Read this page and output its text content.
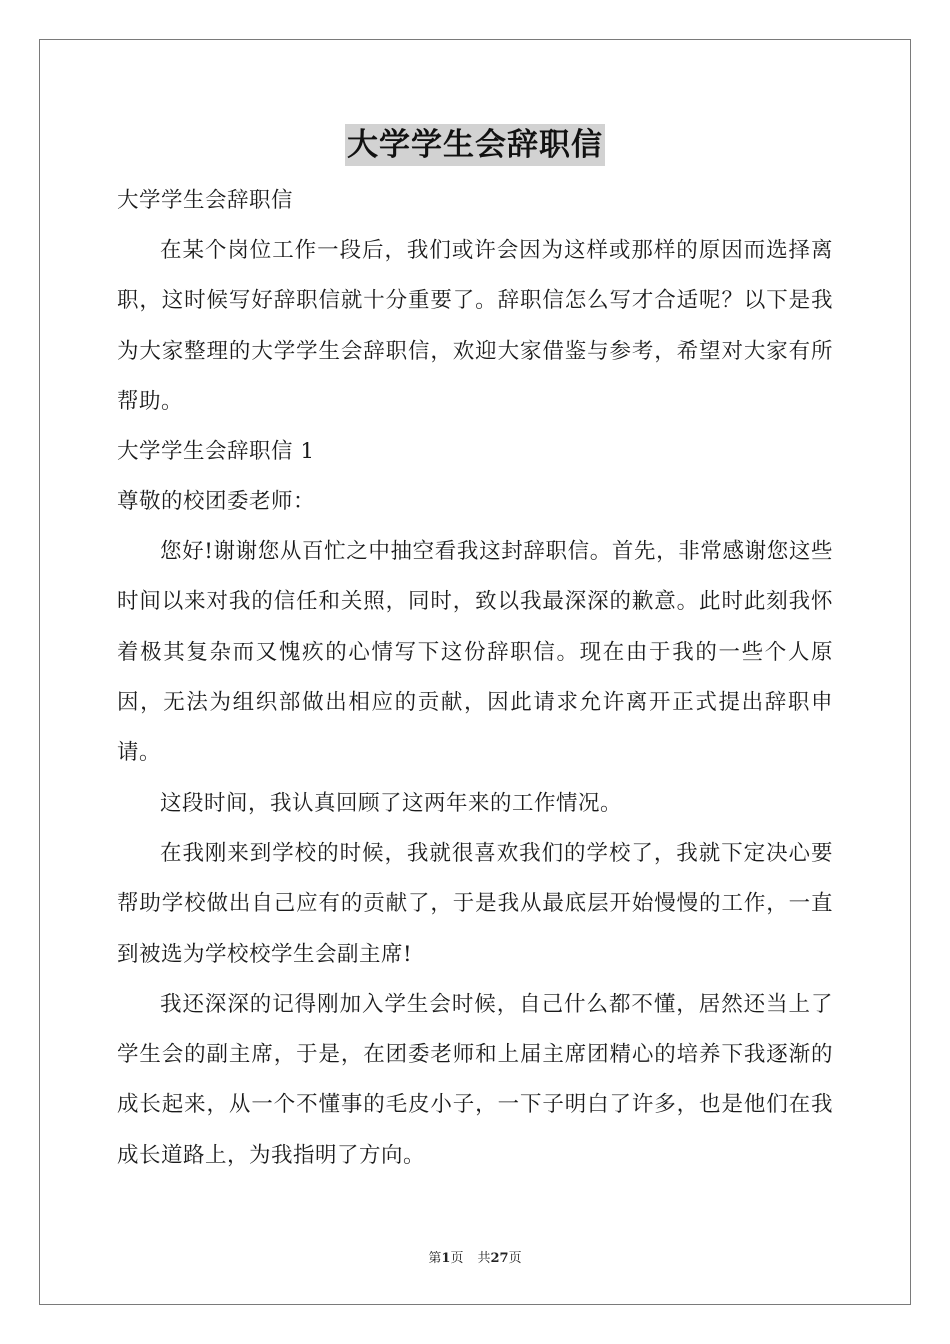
大学学生会辞职信
大学学生会辞职信

在某个岗位工作一段后，我们或许会因为这样或那样的原因而选择离职，这时候写好辞职信就十分重要了。辞职信怎么写才合适呢？以下是我为大家整理的大学学生会辞职信，欢迎大家借鉴与参考，希望对大家有所帮助。

大学学生会辞职信 1
尊敬的校团委老师：

您好!谢谢您从百忙之中抽空看我这封辞职信。首先，非常感谢您这些时间以来对我的信任和关照，同时，致以我最深深的歉意。此时此刻我怀着极其复杂而又愧疚的心情写下这份辞职信。现在由于我的一些个人原因，无法为组织部做出相应的贡献，因此请求允许离开正式提出辞职申请。

这段时间，我认真回顾了这两年来的工作情况。

在我刚来到学校的时候，我就很喜欢我们的学校了，我就下定决心要帮助学校做出自己应有的贡献了，于是我从最底层开始慢慢的工作，一直到被选为学校校学生会副主席!

我还深深的记得刚加入学生会时候，自己什么都不懂，居然还当上了学生会的副主席，于是，在团委老师和上届主席团精心的培养下我逐渐的成长起来，从一个不懂事的毛皮小子，一下子明白了许多，也是他们在我成长道路上，为我指明了方向。

第1页 共27页
